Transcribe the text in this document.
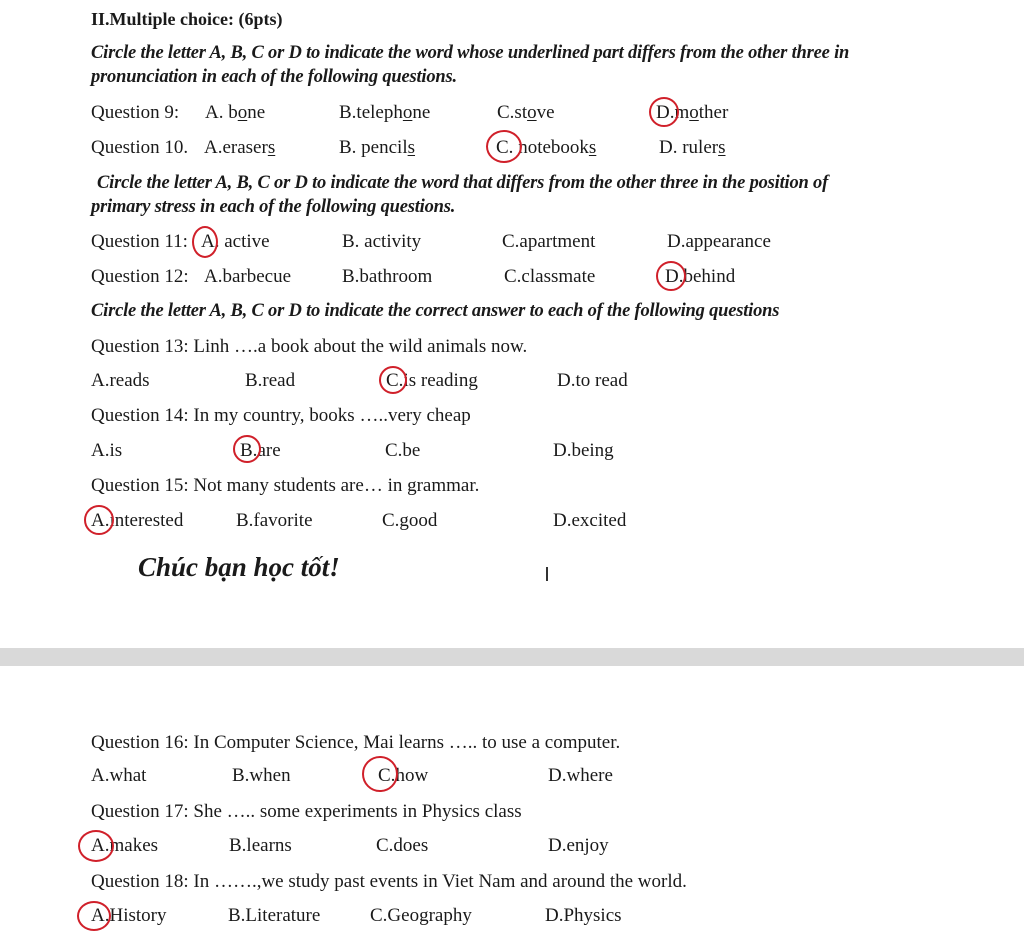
II.Multiple choice: (6pts)
Circle the letter A, B, C or D to indicate the word whose underlined part differs from the other three in
pronunciation in each of the following questions.
Question 9: A. bone	B.telephone	C.stove	D.mother
Question 10. A.erasers	B. pencils	C. notebooks	D. rulers
Circle the letter A, B, C or D to indicate the word that differs from the other three in the position of
primary stress in each of the following questions.
Question 11: A. active	B. activity	C.apartment	D.appearance
Question 12: A.barbecue	B.bathroom	C.classmate	D.behind
Circle the letter A, B, C or D to indicate the correct answer to each of the following questions
Question 13: Linh ….a book about the wild animals now.
A.reads	B.read	C.is reading	D.to read
Question 14: In my country, books …..very cheap
A.is	B.are	C.be	D.being
Question 15: Not many students are… in grammar.
A.interested	B.favorite	C.good	D.excited
Chúc bạn học tốt!
Question 16: In Computer Science, Mai learns ….. to use a computer.
A.what	B.when	C.how	D.where
Question 17: She ….. some experiments in Physics class
A.makes	B.learns	C.does	D.enjoy
Question 18: In …….,we study past events in Viet Nam and around the world.
A.History	B.Literature	C.Geography	D.Physics
